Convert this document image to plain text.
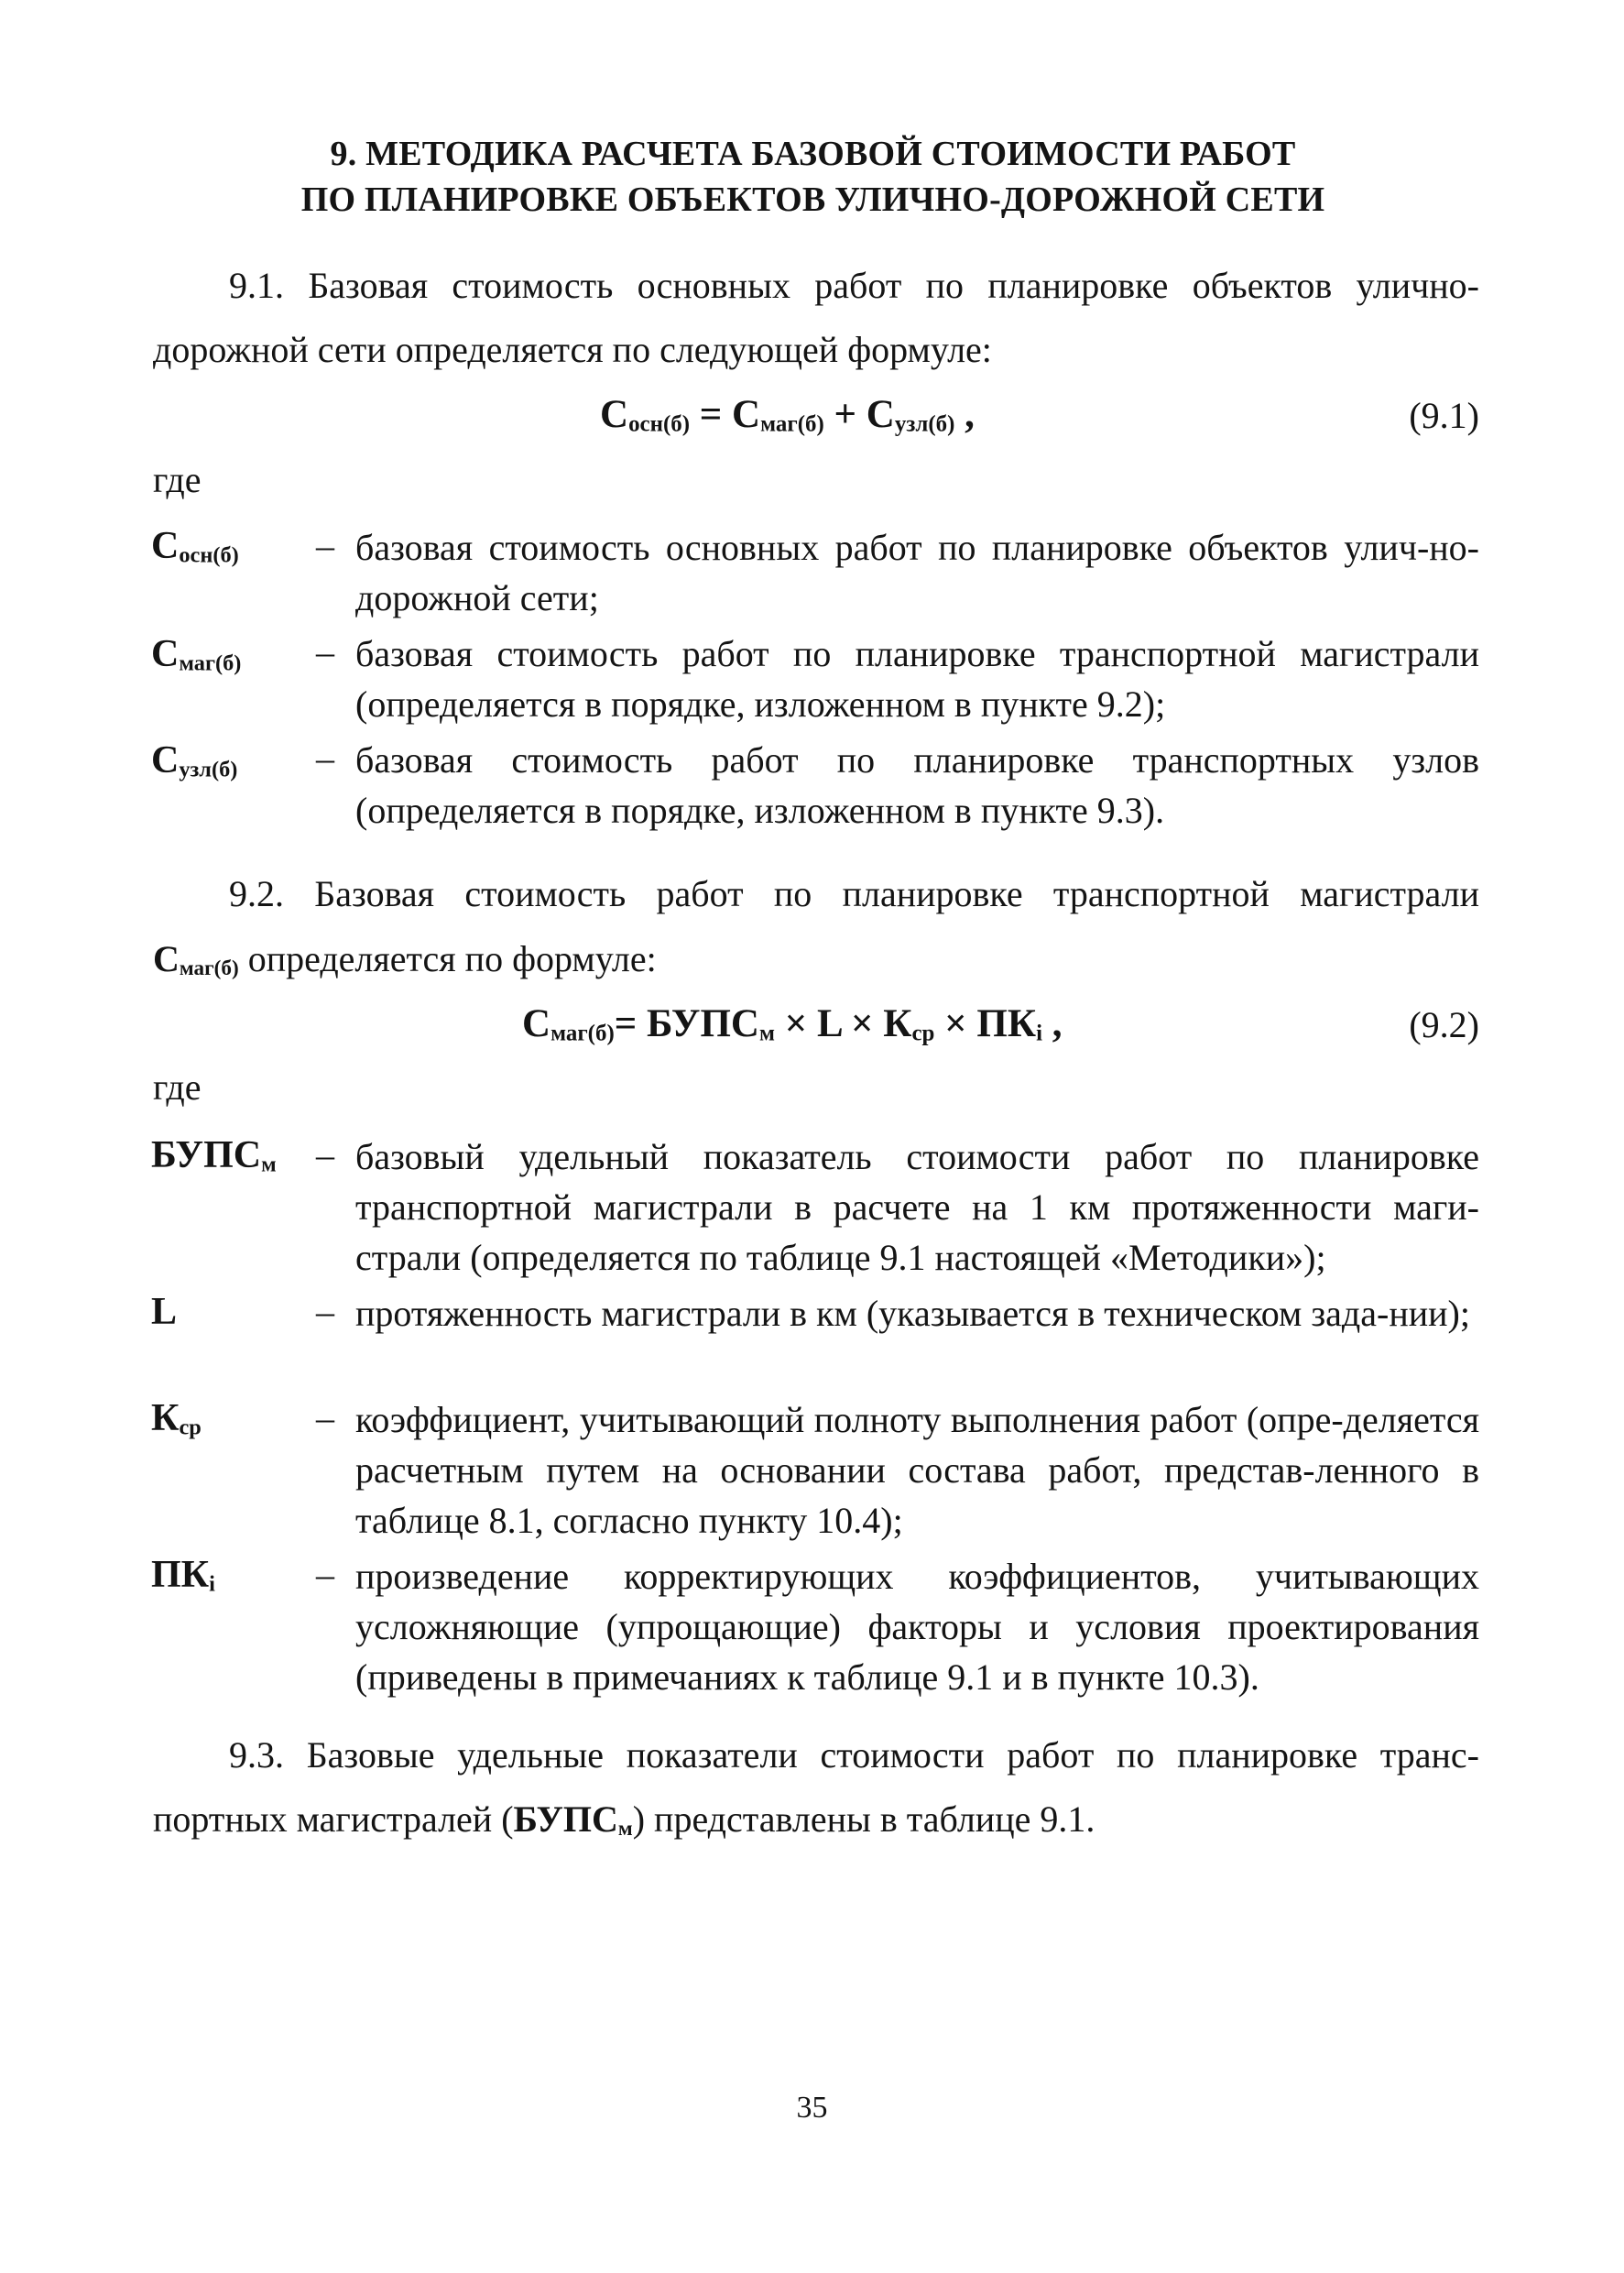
9. МЕТОДИКА РАСЧЕТА БАЗОВОЙ СТОИМОСТИ РАБОТ
ПО ПЛАНИРОВКЕ ОБЪЕКТОВ УЛИЧНО-ДОРОЖНОЙ СЕТИ
9.1. Базовая стоимость основных работ по планировке объектов улично-
дорожной сети определяется по следующей формуле:
Сосн(б) = Смаг(б) + Сузл(б) ,	(9.1)
где
Сосн(б) – базовая стоимость основных работ по планировке объектов улич-но-дорожной сети;
Смаг(б) – базовая стоимость работ по планировке транспортной магистрали (определяется в порядке, изложенном в пункте 9.2);
Сузл(б) – базовая стоимость работ по планировке транспортных узлов (определяется в порядке, изложенном в пункте 9.3).
9.2. Базовая стоимость работ по планировке транспортной магистрали
Смаг(б) определяется по формуле:
Смаг(б)= БУПСм × L × Кср × ПКi ,	(9.2)
где
БУПСм – базовый удельный показатель стоимости работ по планировке транспортной магистрали в расчете на 1 км протяженности маги-страли (определяется по таблице 9.1 настоящей «Методики»);
L	– протяженность магистрали в км (указывается в техническом зада-нии);
Кср	– коэффициент, учитывающий полноту выполнения работ (опре-деляется расчетным путем на основании состава работ, представ-ленного в таблице 8.1, согласно пункту 10.4);
ПКi	– произведение корректирующих коэффициентов, учитывающих усложняющие (упрощающие) факторы и условия проектирования (приведены в примечаниях к таблице 9.1 и в пункте 10.3).
9.3. Базовые удельные показатели стоимости работ по планировке транс-
портных магистралей (БУПСм) представлены в таблице 9.1.
35
